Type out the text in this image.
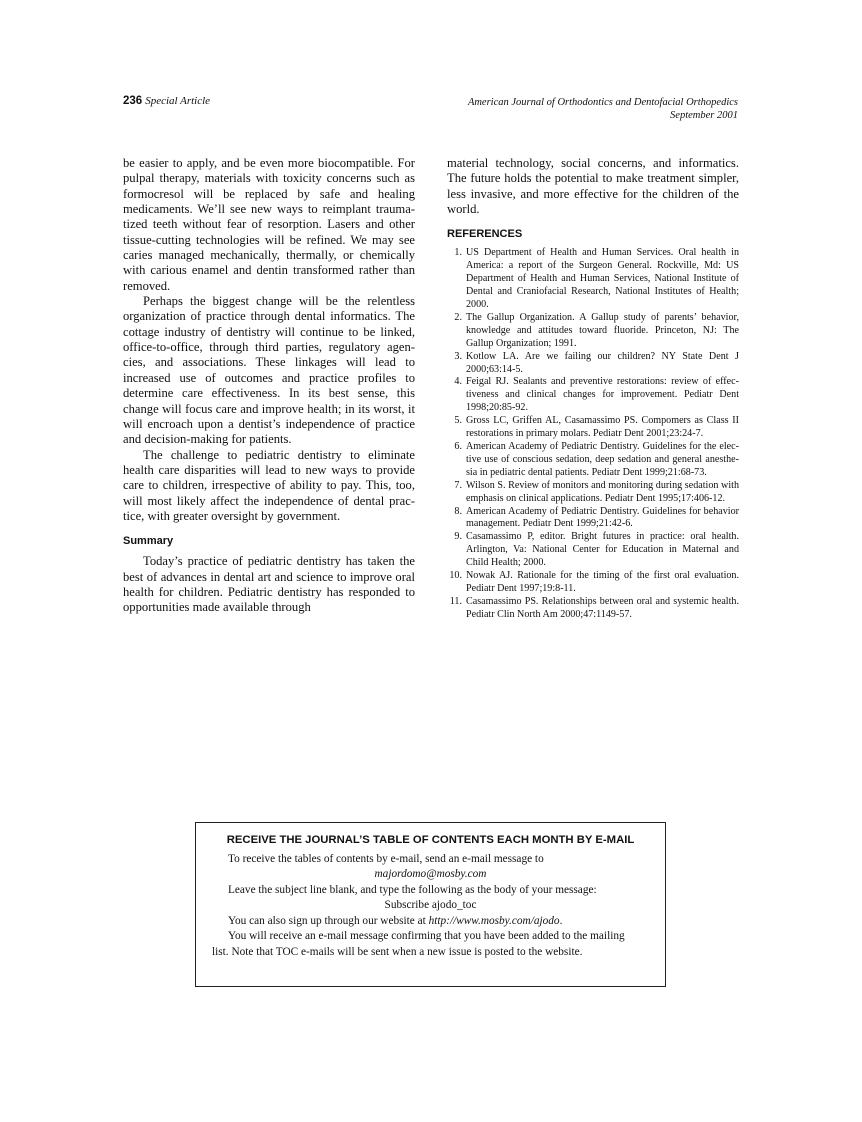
236 Special Article	American Journal of Orthodontics and Dentofacial Orthopedics
September 2001

be easier to apply, and be even more biocompatible. For pulpal therapy, materials with toxicity concerns such as formocresol will be replaced by safe and healing medicaments. We’ll see new ways to reimplant traumatized teeth without fear of resorption. Lasers and other tissue-cutting technologies will be refined. We may see caries managed mechanically, thermally, or chemically with carious enamel and dentin transformed rather than removed.

Perhaps the biggest change will be the relentless organization of practice through dental informatics. The cottage industry of dentistry will continue to be linked, office-to-office, through third parties, regulatory agencies, and associations. These linkages will lead to increased use of outcomes and practice profiles to determine care effectiveness. In its best sense, this change will focus care and improve health; in its worst, it will encroach upon a dentist’s independence of practice and decision-making for patients.

The challenge to pediatric dentistry to eliminate health care disparities will lead to new ways to provide care to children, irrespective of ability to pay. This, too, will most likely affect the independence of dental practice, with greater oversight by government.

Summary

Today’s practice of pediatric dentistry has taken the best of advances in dental art and science to improve oral health for children. Pediatric dentistry has responded to opportunities made available through

material technology, social concerns, and informatics. The future holds the potential to make treatment simpler, less invasive, and more effective for the children of the world.

REFERENCES
1. US Department of Health and Human Services. Oral health in America: a report of the Surgeon General. Rockville, Md: US Department of Health and Human Services, National Institute of Dental and Craniofacial Research, National Institutes of Health; 2000.
2. The Gallup Organization. A Gallup study of parents’ behavior, knowledge and attitudes toward fluoride. Princeton, NJ: The Gallup Organization; 1991.
3. Kotlow LA. Are we failing our children? NY State Dent J 2000;63:14-5.
4. Feigal RJ. Sealants and preventive restorations: review of effectiveness and clinical changes for improvement. Pediatr Dent 1998;20:85-92.
5. Gross LC, Griffen AL, Casamassimo PS. Compomers as Class II restorations in primary molars. Pediatr Dent 2001;23:24-7.
6. American Academy of Pediatric Dentistry. Guidelines for the elective use of conscious sedation, deep sedation and general anesthesia in pediatric dental patients. Pediatr Dent 1999;21:68-73.
7. Wilson S. Review of monitors and monitoring during sedation with emphasis on clinical applications. Pediatr Dent 1995;17:406-12.
8. American Academy of Pediatric Dentistry. Guidelines for behavior management. Pediatr Dent 1999;21:42-6.
9. Casamassimo P, editor. Bright futures in practice: oral health. Arlington, Va: National Center for Education in Maternal and Child Health; 2000.
10. Nowak AJ. Rationale for the timing of the first oral evaluation. Pediatr Dent 1997;19:8-11.
11. Casamassimo PS. Relationships between oral and systemic health. Pediatr Clin North Am 2000;47:1149-57.
RECEIVE THE JOURNAL’S TABLE OF CONTENTS EACH MONTH BY E-MAIL
To receive the tables of contents by e-mail, send an e-mail message to
majordomo@mosby.com
Leave the subject line blank, and type the following as the body of your message:
Subscribe ajodo_toc
You can also sign up through our website at http://www.mosby.com/ajodo.
You will receive an e-mail message confirming that you have been added to the mailing
list. Note that TOC e-mails will be sent when a new issue is posted to the website.
